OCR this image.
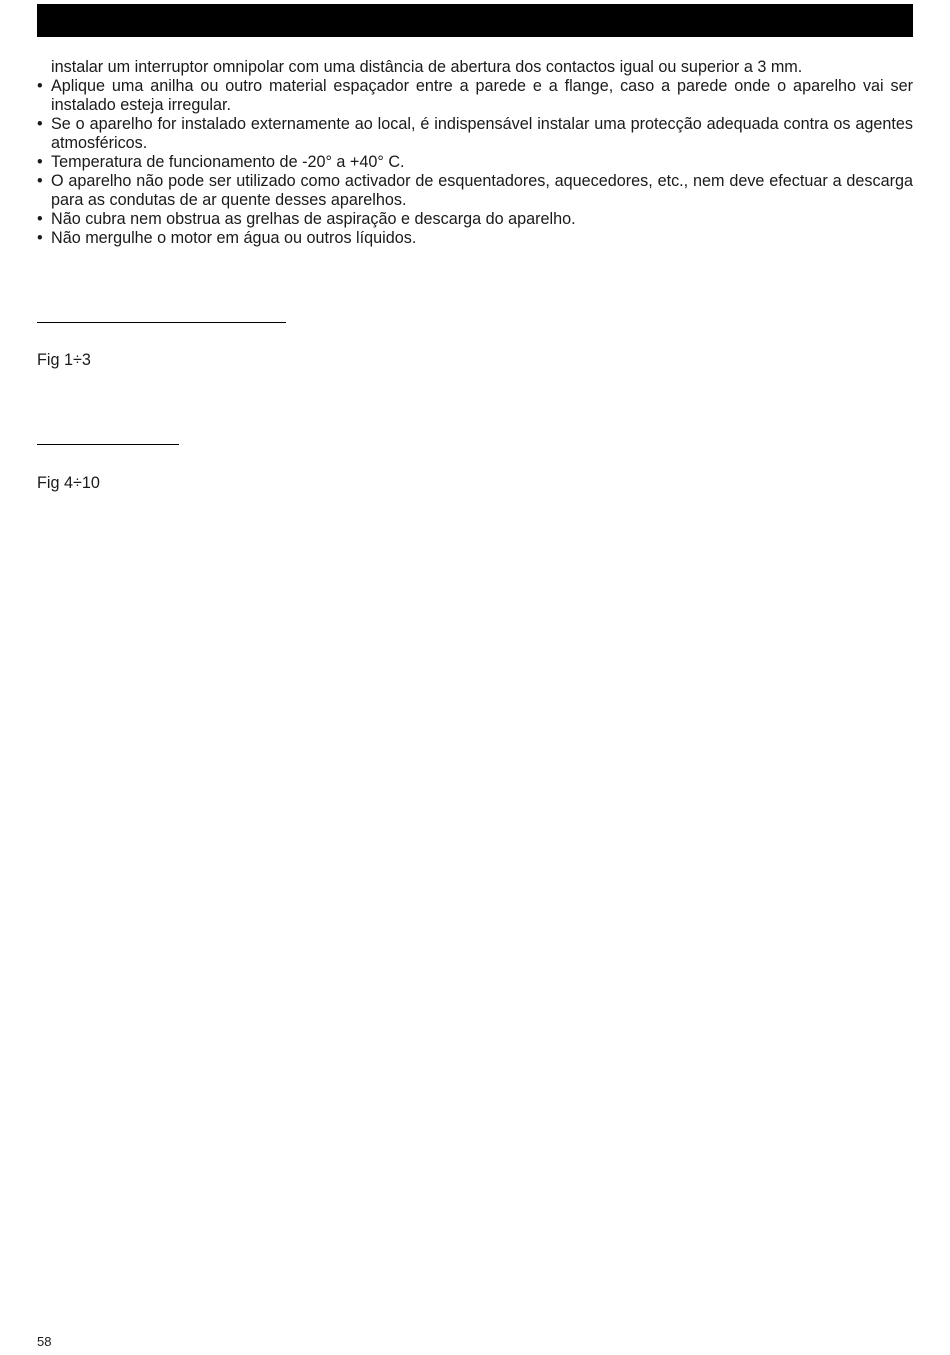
instalar um interruptor omnipolar com uma distância de abertura dos contactos igual ou superior a 3 mm.

• Aplique uma anilha ou outro material espaçador entre a parede e a flange, caso a parede onde o aparelho vai ser instalado esteja irregular.
• Se o aparelho for instalado externamente ao local, é indispensável instalar uma protecção adequada contra os agentes atmosféricos.
• Temperatura de funcionamento de -20° a +40° C.
• O aparelho não pode ser utilizado como activador de esquentadores, aquecedores, etc., nem deve efectuar a descarga para as condutas de ar quente desses aparelhos.
• Não cubra nem obstrua as grelhas de aspiração e descarga do aparelho.
• Não mergulhe o motor em água ou outros líquidos.
Fig 1÷3
Fig 4÷10
58
